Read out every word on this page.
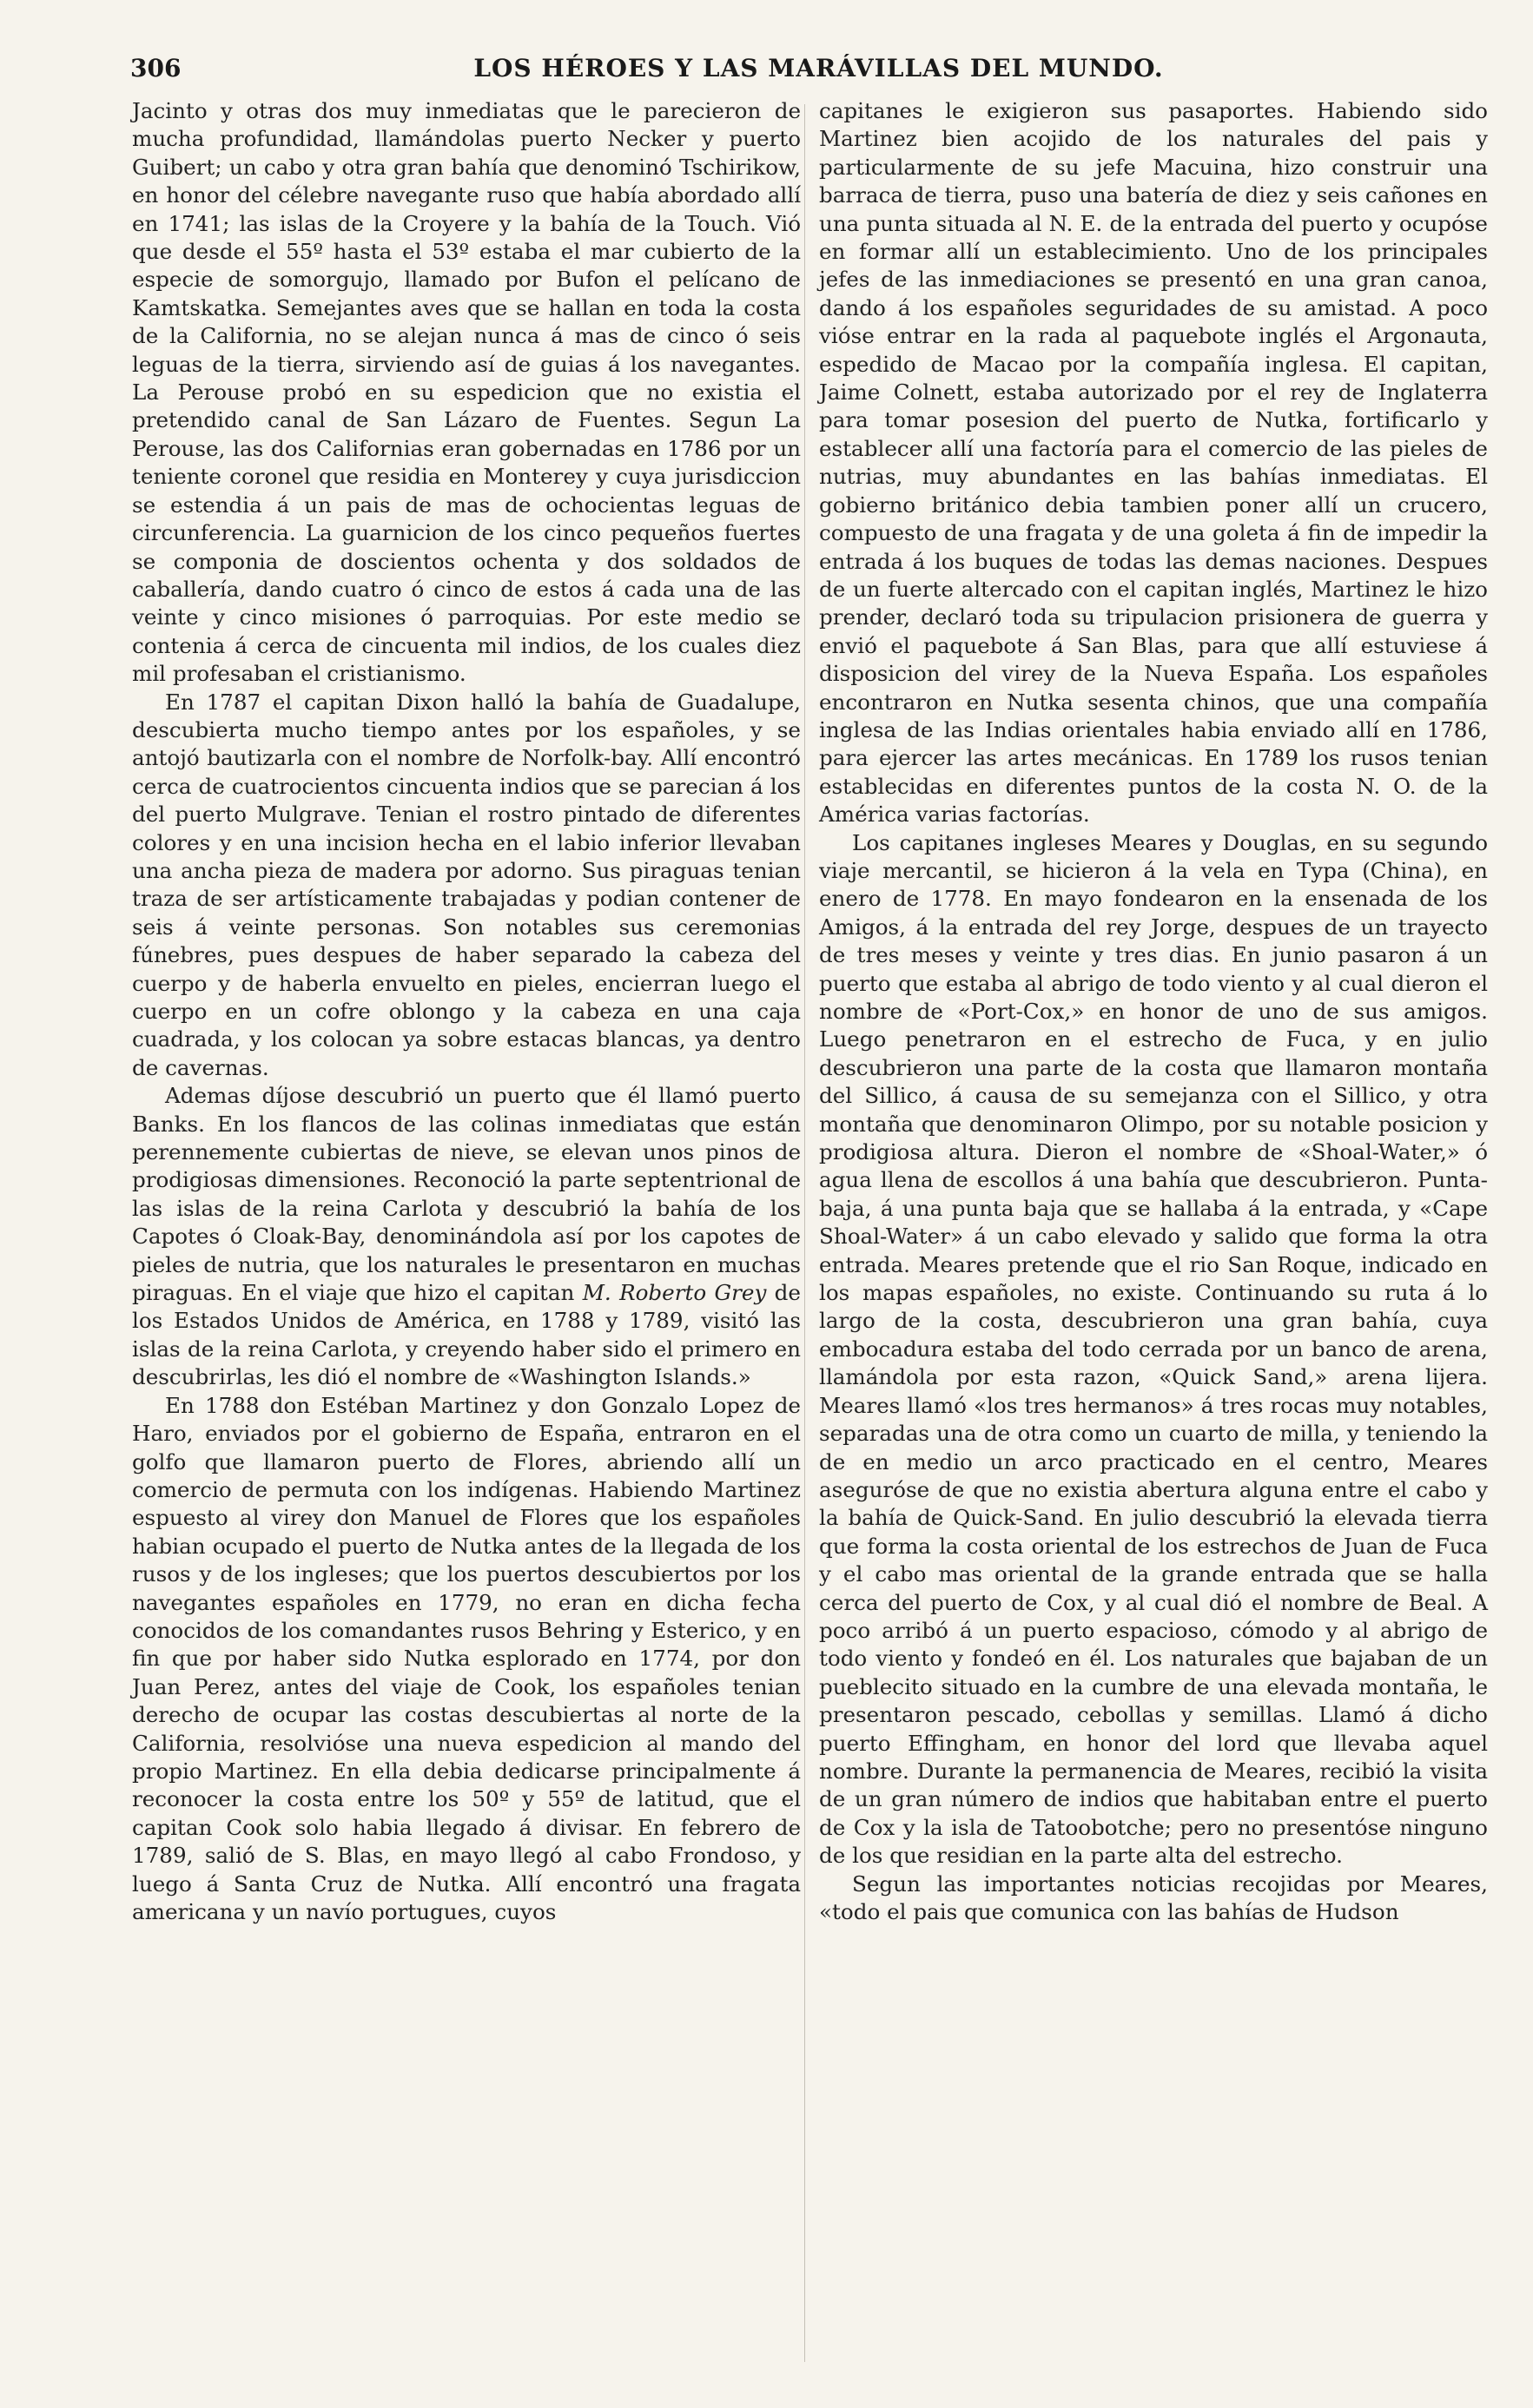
306	LOS HÉROES Y LAS MARÁVILLAS DEL MUNDO.

Jacinto y otras dos muy inmediatas que le parecieron de mucha profundidad, llamándolas puerto Necker y puerto Guibert; un cabo y otra gran bahía que denominó Tschirikow, en honor del célebre navegante ruso que había abordado allí en 1741; las islas de la Croyere y la bahía de la Touch. Vió que desde el 55º hasta el 53º estaba el mar cubierto de la especie de somorgujo, llamado por Bufon el pelícano de Kamtskatka. Semejantes aves que se hallan en toda la costa de la California, no se alejan nunca á mas de cinco ó seis leguas de la tierra, sirviendo así de guias á los navegantes. La Perouse probó en su espedicion que no existia el pretendido canal de San Lázaro de Fuentes. Segun La Perouse, las dos Californias eran gobernadas en 1786 por un teniente coronel que residia en Monterey y cuya jurisdiccion se estendia á un pais de mas de ochocientas leguas de circunferencia. La guarnicion de los cinco pequeños fuertes se componia de doscientos ochenta y dos soldados de caballería, dando cuatro ó cinco de estos á cada una de las veinte y cinco misiones ó parroquias. Por este medio se contenia á cerca de cincuenta mil indios, de los cuales diez mil profesaban el cristianismo.

En 1787 el capitan Dixon halló la bahía de Guadalupe, descubierta mucho tiempo antes por los españoles, y se antojó bautizarla con el nombre de Norfolk-bay. Allí encontró cerca de cuatrocientos cincuenta indios que se parecian á los del puerto Mulgrave. Tenian el rostro pintado de diferentes colores y en una incision hecha en el labio inferior llevaban una ancha pieza de madera por adorno. Sus piraguas tenian traza de ser artísticamente trabajadas y podian contener de seis á veinte personas. Son notables sus ceremonias fúnebres, pues despues de haber separado la cabeza del cuerpo y de haberla envuelto en pieles, encierran luego el cuerpo en un cofre oblongo y la cabeza en una caja cuadrada, y los colocan ya sobre estacas blancas, ya dentro de cavernas.

Ademas díjose descubrió un puerto que él llamó puerto Banks. En los flancos de las colinas inmediatas que están perennemente cubiertas de nieve, se elevan unos pinos de prodigiosas dimensiones. Reconoció la parte septentrional de las islas de la reina Carlota y descubrió la bahía de los Capotes ó Cloak-Bay, denominándola así por los capotes de pieles de nutria, que los naturales le presentaron en muchas piraguas. En el viaje que hizo el capitan M. Roberto Grey de los Estados Unidos de América, en 1788 y 1789, visitó las islas de la reina Carlota, y creyendo haber sido el primero en descubrirlas, les dió el nombre de «Washington Islands.»

En 1788 don Estéban Martinez y don Gonzalo Lopez de Haro, enviados por el gobierno de España, entraron en el golfo que llamaron puerto de Flores, abriendo allí un comercio de permuta con los indígenas. Habiendo Martinez espuesto al virey don Manuel de Flores que los españoles habian ocupado el puerto de Nutka antes de la llegada de los rusos y de los ingleses; que los puertos descubiertos por los navegantes españoles en 1779, no eran en dicha fecha conocidos de los comandantes rusos Behring y Esterico, y en fin que por haber sido Nutka esplorado en 1774, por don Juan Perez, antes del viaje de Cook, los españoles tenian derecho de ocupar las costas descubiertas al norte de la California, resolvióse una nueva espedicion al mando del propio Martinez. En ella debia dedicarse principalmente á reconocer la costa entre los 50º y 55º de latitud, que el capitan Cook solo habia llegado á divisar. En febrero de 1789, salió de S. Blas, en mayo llegó al cabo Frondoso, y luego á Santa Cruz de Nutka. Allí encontró una fragata americana y un navío portugues, cuyos

capitanes le exigieron sus pasaportes. Habiendo sido Martinez bien acojido de los naturales del pais y particularmente de su jefe Macuina, hizo construir una barraca de tierra, puso una batería de diez y seis cañones en una punta situada al N. E. de la entrada del puerto y ocupóse en formar allí un establecimiento. Uno de los principales jefes de las inmediaciones se presentó en una gran canoa, dando á los españoles seguridades de su amistad. A poco vióse entrar en la rada al paquebote inglés el Argonauta, espedido de Macao por la compañía inglesa. El capitan, Jaime Colnett, estaba autorizado por el rey de Inglaterra para tomar posesion del puerto de Nutka, fortificarlo y establecer allí una factoría para el comercio de las pieles de nutrias, muy abundantes en las bahías inmediatas. El gobierno británico debia tambien poner allí un crucero, compuesto de una fragata y de una goleta á fin de impedir la entrada á los buques de todas las demas naciones. Despues de un fuerte altercado con el capitan inglés, Martinez le hizo prender, declaró toda su tripulacion prisionera de guerra y envió el paquebote á San Blas, para que allí estuviese á disposicion del virey de la Nueva España. Los españoles encontraron en Nutka sesenta chinos, que una compañía inglesa de las Indias orientales habia enviado allí en 1786, para ejercer las artes mecánicas. En 1789 los rusos tenian establecidas en diferentes puntos de la costa N. O. de la América varias factorías.

Los capitanes ingleses Meares y Douglas, en su segundo viaje mercantil, se hicieron á la vela en Typa (China), en enero de 1778. En mayo fondearon en la ensenada de los Amigos, á la entrada del rey Jorge, despues de un trayecto de tres meses y veinte y tres dias. En junio pasaron á un puerto que estaba al abrigo de todo viento y al cual dieron el nombre de «Port-Cox,» en honor de uno de sus amigos. Luego penetraron en el estrecho de Fuca, y en julio descubrieron una parte de la costa que llamaron montaña del Sillico, á causa de su semejanza con el Sillico, y otra montaña que denominaron Olimpo, por su notable posicion y prodigiosa altura. Dieron el nombre de «Shoal-Water,» ó agua llena de escollos á una bahía que descubrieron. Punta-baja, á una punta baja que se hallaba á la entrada, y «Cape Shoal-Water» á un cabo elevado y salido que forma la otra entrada. Meares pretende que el rio San Roque, indicado en los mapas españoles, no existe. Continuando su ruta á lo largo de la costa, descubrieron una gran bahía, cuya embocadura estaba del todo cerrada por un banco de arena, llamándola por esta razon, «Quick Sand,» arena lijera. Meares llamó «los tres hermanos» á tres rocas muy notables, separadas una de otra como un cuarto de milla, y teniendo la de en medio un arco practicado en el centro, Meares aseguróse de que no existia abertura alguna entre el cabo y la bahía de Quick-Sand. En julio descubrió la elevada tierra que forma la costa oriental de los estrechos de Juan de Fuca y el cabo mas oriental de la grande entrada que se halla cerca del puerto de Cox, y al cual dió el nombre de Beal. A poco arribó á un puerto espacioso, cómodo y al abrigo de todo viento y fondeó en él. Los naturales que bajaban de un pueblecito situado en la cumbre de una elevada montaña, le presentaron pescado, cebollas y semillas. Llamó á dicho puerto Effingham, en honor del lord que llevaba aquel nombre. Durante la permanencia de Meares, recibió la visita de un gran número de indios que habitaban entre el puerto de Cox y la isla de Tatoobotche; pero no presentóse ninguno de los que residian en la parte alta del estrecho.

Segun las importantes noticias recojidas por Meares, «todo el pais que comunica con las bahías de Hudson
